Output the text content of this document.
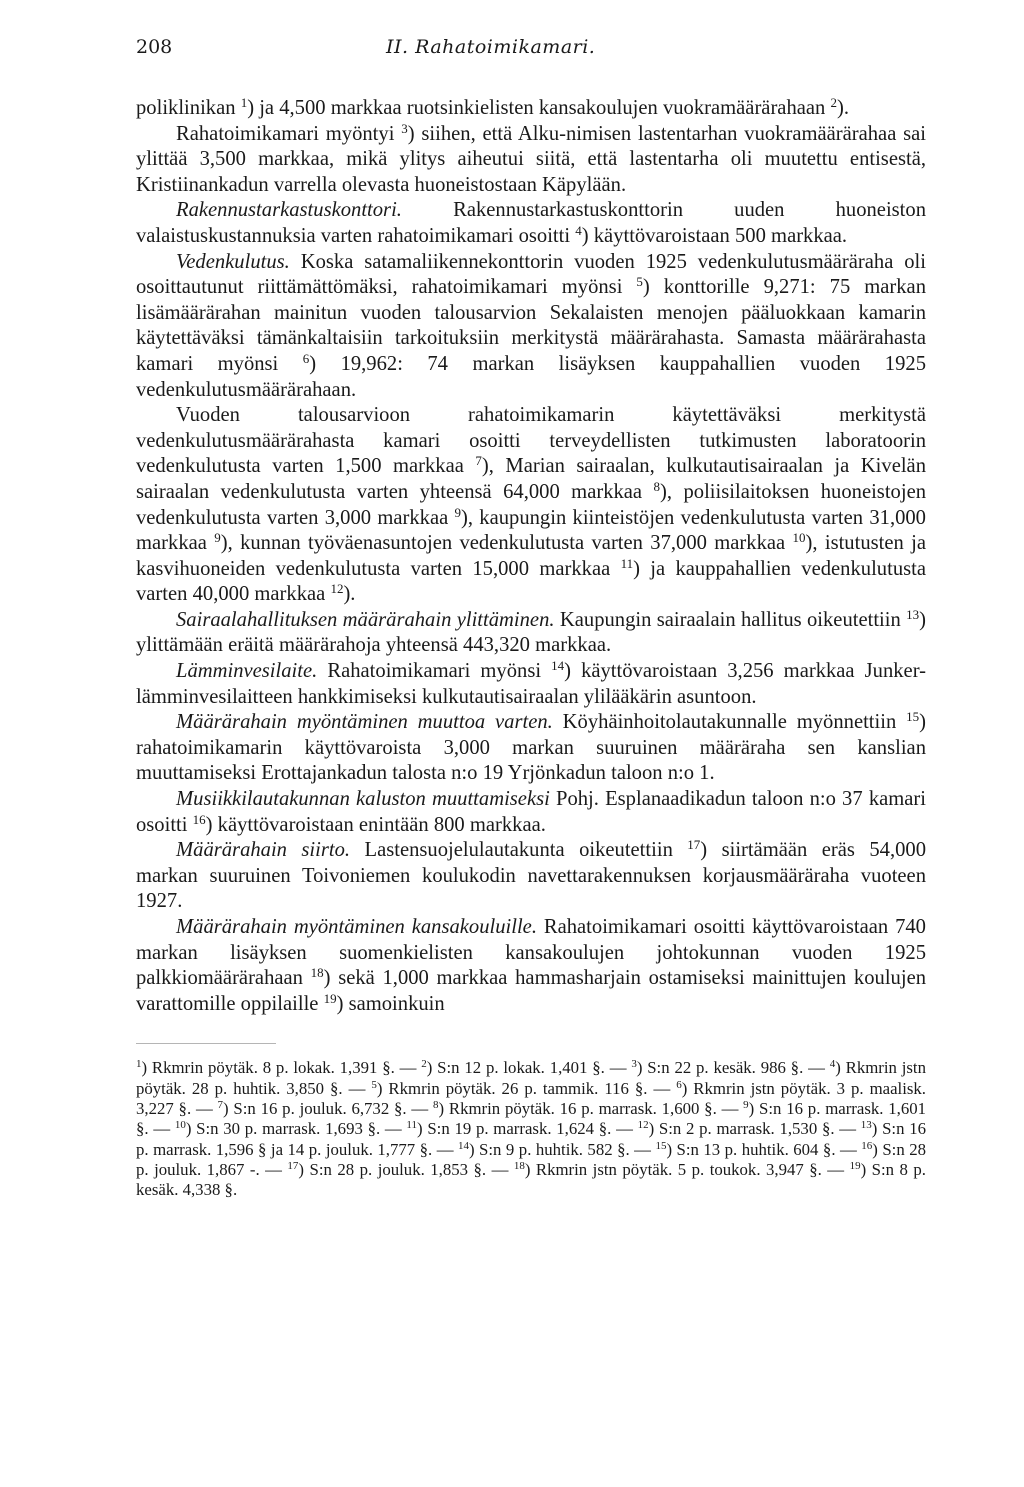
208	II. Rahatoimikamari.

poliklinikan $^1$) ja 4,500 markkaa ruotsinkielisten kansakoulujen vuokramäärärahaan $^2$).

Rahatoimikamari myöntyi $^3$) siihen, että Alku-nimisen lastentarhan vuokramäärärahaa sai ylittää 3,500 markkaa, mikä ylitys aiheutui siitä, että lastentarha oli muutettu entisestä, Kristiinankadun varrella olevasta huoneistostaan Käpylään.

Rakennustarkastuskonttori. Rakennustarkastuskonttorin uuden huoneiston valaistuskustannuksia varten rahatoimikamari osoitti $^4$) käyttövaroistaan 500 markkaa.

Vedenkulutus. Koska satamaliikennekonttorin vuoden 1925 vedenkulutusmääräraha oli osoittautunut riittämättömäksi, rahatoimikamari myönsi $^5$) konttorille 9,271: 75 markan lisämäärärahan mainitun vuoden talousarvion Sekalaisten menojen pääluokkaan kamarin käytettäväksi tämänkaltaisiin tarkoituksiin merkitystä määrärahasta. Samasta määrärahasta kamari myönsi $^6$) 19,962: 74 markan lisäyksen kauppahallien vuoden 1925 vedenkulutusmäärärahaan.

Vuoden talousarvioon rahatoimikamarin käytettäväksi merkitystä vedenkulutusmäärärahasta kamari osoitti terveydellisten tutkimusten laboratoorin vedenkulutusta varten 1,500 markkaa $^7$), Marian sairaalan, kulkutautisairaalan ja Kivelän sairaalan vedenkulutusta varten yhteensä 64,000 markkaa $^8$), poliisilaitoksen huoneistojen vedenkulutusta varten 3,000 markkaa $^9$), kaupungin kiinteistöjen vedenkulutusta varten 31,000 markkaa $^9$), kunnan työväenasuntojen vedenkulutusta varten 37,000 markkaa $^{10}$), istutusten ja kasvihuoneiden vedenkulutusta varten 15,000 markkaa $^{11}$) ja kauppahallien vedenkulutusta varten 40,000 markkaa $^{12}$).

Sairaalahallituksen määrärahain ylittäminen. Kaupungin sairaalain hallitus oikeutettiin $^{13}$) ylittämään eräitä määrärahoja yhteensä 443,320 markkaa.

Lämminvesilaite. Rahatoimikamari myönsi $^{14}$) käyttövaroistaan 3,256 markkaa Junker-lämminvesilaitteen hankkimiseksi kulkutautisairaalan ylilääkärin asuntoon.

Määrärahain myöntäminen muuttoa varten. Köyhäinhoitolautakunnalle myönnettiin $^{15}$) rahatoimikamarin käyttövaroista 3,000 markan suuruinen määräraha sen kanslian muuttamiseksi Erottajankadun talosta n:o 19 Yrjönkadun taloon n:o 1.

Musiikkilautakunnan kaluston muuttamiseksi Pohj. Esplanaadikadun taloon n:o 37 kamari osoitti $^{16}$) käyttövaroistaan enintään 800 markkaa.

Määrärahain siirto. Lastensuojelulautakunta oikeutettiin $^{17}$) siirtämään eräs 54,000 markan suuruinen Toivoniemen koulukodin navettarakennuksen korjausmääräraha vuoteen 1927.

Määrärahain myöntäminen kansakouluille. Rahatoimikamari osoitti käyttövaroistaan 740 markan lisäyksen suomenkielisten kansakoulujen johtokunnan vuoden 1925 palkkiomäärärahaan $^{18}$) sekä 1,000 markkaa hammasharjain ostamiseksi mainittujen koulujen varattomille oppilaille $^{19}$) samoinkuin

$^1$) Rkmrin pöytäk. 8 p. lokak. 1,391 §. — $^2$) S:n 12 p. lokak. 1,401 §. — $^3$) S:n 22 p. kesäk. 986 §. — $^4$) Rkmrin jstn pöytäk. 28 p. huhtik. 3,850 §. — $^5$) Rkmrin pöytäk. 26 p. tammik. 116 §. — $^6$) Rkmrin jstn pöytäk. 3 p. maalisk. 3,227 §. — $^7$) S:n 16 p. jouluk. 6,732 §. — $^8$) Rkmrin pöytäk. 16 p. marrask. 1,600 §. — $^9$) S:n 16 p. marrask. 1,601 §. — $^{10}$) S:n 30 p. marrask. 1,693 §. — $^{11}$) S:n 19 p. marrask. 1,624 §. — $^{12}$) S:n 2 p. marrask. 1,530 §. — $^{13}$) S:n 16 p. marrask. 1,596 § ja 14 p. jouluk. 1,777 §. — $^{14}$) S:n 9 p. huhtik. 582 §. — $^{15}$) S:n 13 p. huhtik. 604 §. — $^{16}$) S:n 28 p. jouluk. 1,867 -. — $^{17}$) S:n 28 p. jouluk. 1,853 §. — $^{18}$) Rkmrin jstn pöytäk. 5 p. toukok. 3,947 §. — $^{19}$) S:n 8 p. kesäk. 4,338 §.
